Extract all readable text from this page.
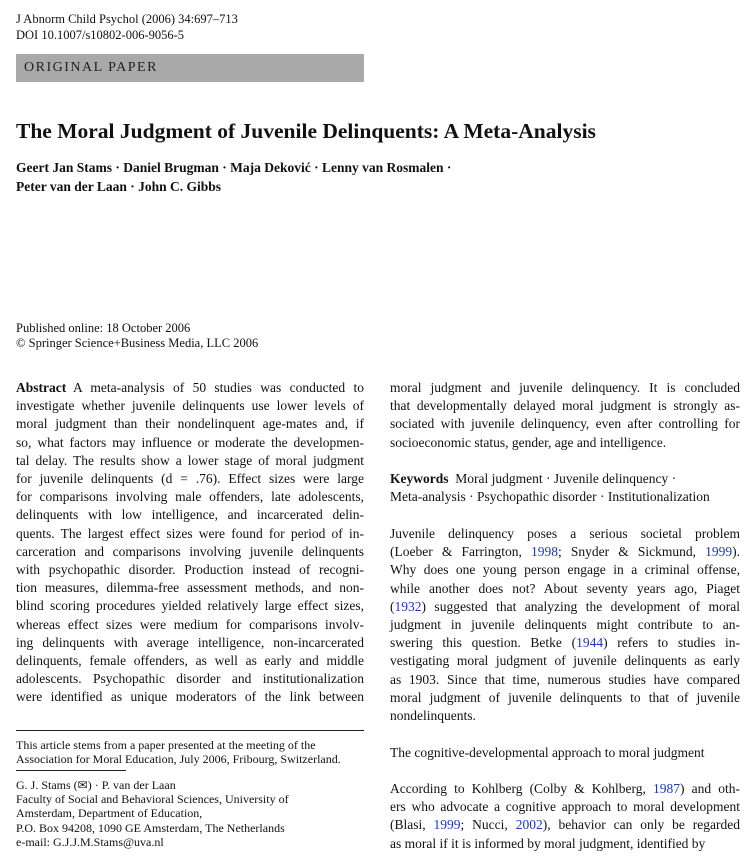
J Abnorm Child Psychol (2006) 34:697–713
DOI 10.1007/s10802-006-9056-5
ORIGINAL PAPER
The Moral Judgment of Juvenile Delinquents: A Meta-Analysis
Geert Jan Stams · Daniel Brugman · Maja Deković · Lenny van Rosmalen ·
Peter van der Laan · John C. Gibbs
Published online: 18 October 2006
© Springer Science+Business Media, LLC 2006

Abstract A meta-analysis of 50 studies was conducted to

investigate whether juvenile delinquents use lower levels of

moral judgment than their nondelinquent age-mates and, if

so, what factors may influence or moderate the developmen-

tal delay. The results show a lower stage of moral judgment

for juvenile delinquents (d = .76). Effect sizes were large

for comparisons involving male offenders, late adolescents,

delinquents with low intelligence, and incarcerated delin-

quents. The largest effect sizes were found for period of in-

carceration and comparisons involving juvenile delinquents

with psychopathic disorder. Production instead of recogni-

tion measures, dilemma-free assessment methods, and non-

blind scoring procedures yielded relatively large effect sizes,

whereas effect sizes were medium for comparisons involv-

ing delinquents with average intelligence, non-incarcerated

delinquents, female offenders, as well as early and middle

adolescents. Psychopathic disorder and institutionalization

were identified as unique moderators of the link between

This article stems from a paper presented at the meeting of the
Association for Moral Education, July 2006, Fribourg, Switzerland.
G. J. Stams (✉) · P. van der Laan
Faculty of Social and Behavioral Sciences, University of
Amsterdam, Department of Education,
P.O. Box 94208, 1090 GE Amsterdam, The Netherlands
e-mail: G.J.J.M.Stams@uva.nl

moral judgment and juvenile delinquency. It is concluded

that developmentally delayed moral judgment is strongly as-

sociated with juvenile delinquency, even after controlling for

socioeconomic status, gender, age and intelligence.

Keywords Moral judgment · Juvenile delinquency ·

Meta-analysis · Psychopathic disorder · Institutionalization

Juvenile delinquency poses a serious societal problem

(Loeber & Farrington, 1998; Snyder & Sickmund, 1999).

Why does one young person engage in a criminal offense,

while another does not? About seventy years ago, Piaget

(1932) suggested that analyzing the development of moral

judgment in juvenile delinquents might contribute to an-

swering this question. Betke (1944) refers to studies in-

vestigating moral judgment of juvenile delinquents as early

as 1903. Since that time, numerous studies have compared

moral judgment of juvenile delinquents to that of juvenile

nondelinquents.

The cognitive-developmental approach to moral judgment

According to Kohlberg (Colby & Kohlberg, 1987) and oth-

ers who advocate a cognitive approach to moral development

(Blasi, 1999; Nucci, 2002), behavior can only be regarded

as moral if it is informed by moral judgment, identified by
